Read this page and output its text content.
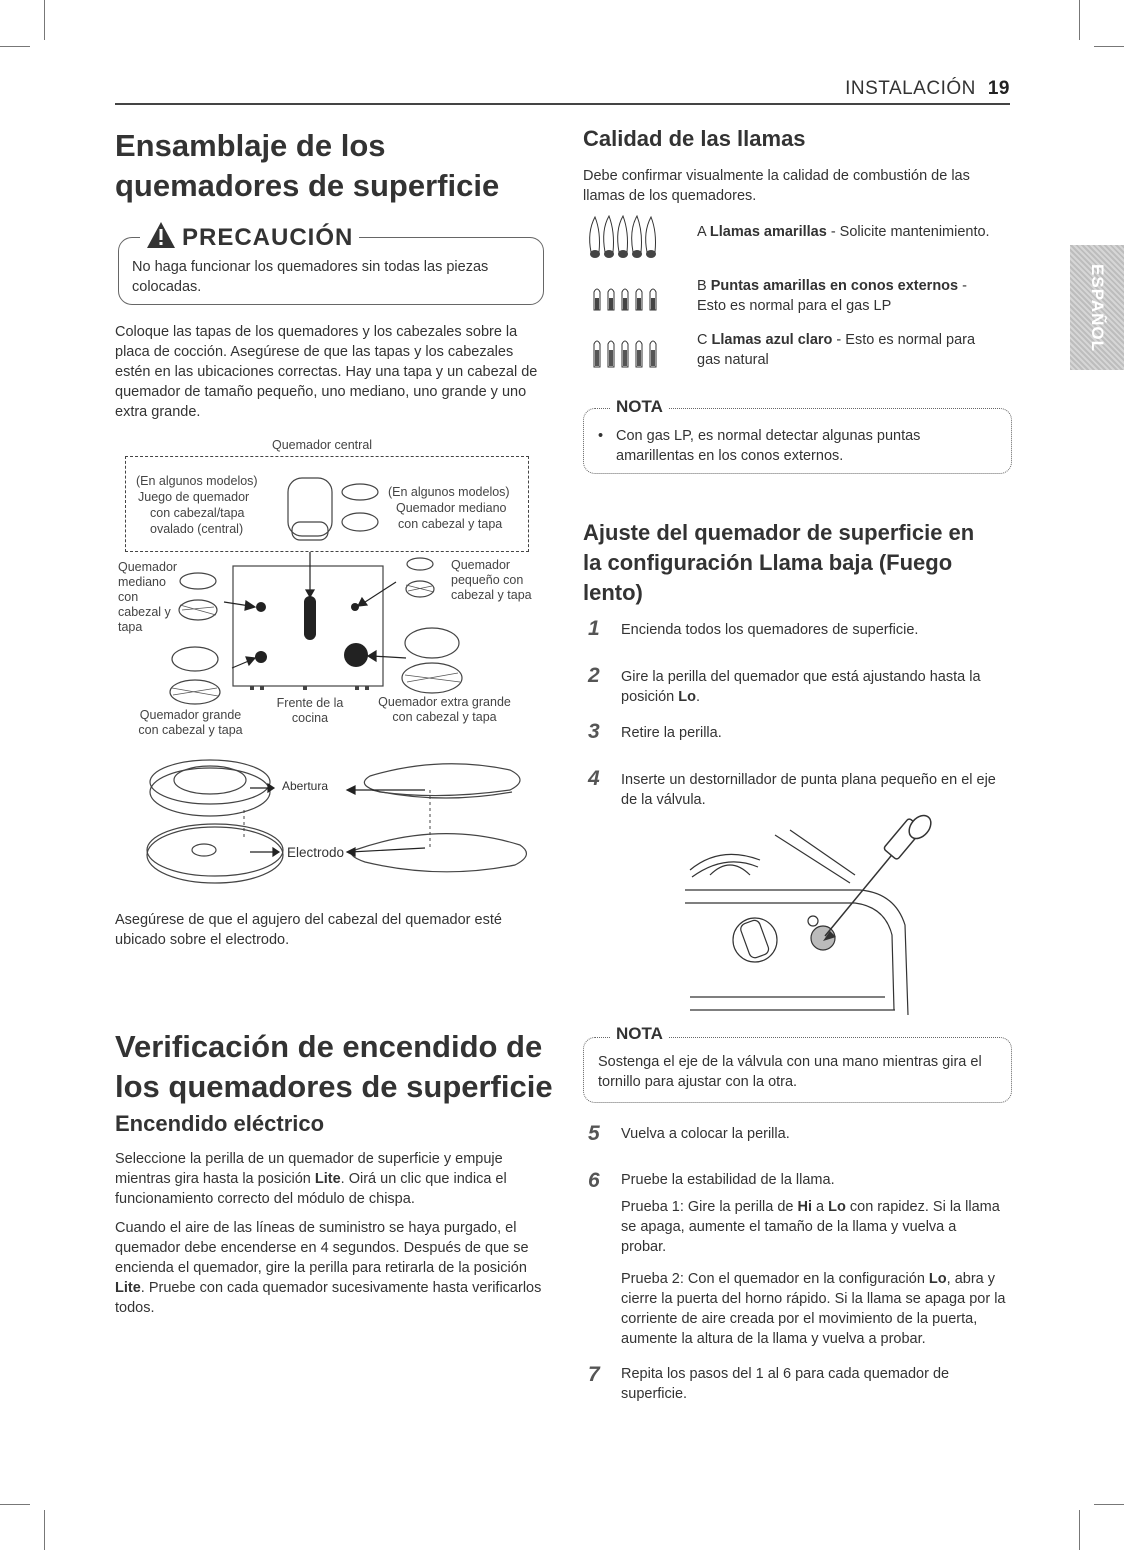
INSTALACIÓN 19
ESPAÑOL
Ensamblaje de los
quemadores de superficie
PRECAUCIÓN
No haga funcionar los quemadores sin todas las piezas colocadas.
Coloque las tapas de los quemadores y los cabezales sobre la placa de cocción. Asegúrese de que las tapas y los cabezales estén en las ubicaciones correctas. Hay una tapa y un cabezal de quemador de tamaño pequeño, uno mediano, uno grande y uno extra grande.
Quemador central
(En algunos modelos)
Juego de quemador
con cabezal/tapa
ovalado (central)
(En algunos modelos)
Quemador mediano
con cabezal y tapa
Quemador
mediano
con
cabezal y
tapa
Quemador
pequeño con
cabezal y tapa
Frente de la
cocina
Quemador extra grande
con cabezal y tapa
Quemador grande
con cabezal y tapa
Abertura
Electrodo
Asegúrese de que el agujero del cabezal del quemador esté ubicado sobre el electrodo.
Verificación de encendido de
los quemadores de superficie
Encendido eléctrico
Seleccione la perilla de un quemador de superficie y empuje mientras gira hasta la posición Lite. Oirá un clic que indica el funcionamiento correcto del módulo de chispa.
Cuando el aire de las líneas de suministro se haya purgado, el quemador debe encenderse en 4 segundos. Después de que se encienda el quemador, gire la perilla para retirarla de la posición Lite. Pruebe con cada quemador sucesivamente hasta verificarlos todos.
Calidad de las llamas
Debe confirmar visualmente la calidad de combustión de las llamas de los quemadores.
A Llamas amarillas - Solicite mantenimiento.
B Puntas amarillas en conos externos -
Esto es normal para el gas LP
C Llamas azul claro - Esto es normal para
gas natural
NOTA
• Con gas LP, es normal detectar algunas puntas amarillentas en los conos externos.
Ajuste del quemador de superficie en
la configuración Llama baja (Fuego
lento)
1 Encienda todos los quemadores de superficie.
2 Gire la perilla del quemador que está ajustando hasta la posición Lo.
3 Retire la perilla.
4 Inserte un destornillador de punta plana pequeño en el eje de la válvula.
NOTA
Sostenga el eje de la válvula con una mano mientras gira el tornillo para ajustar con la otra.
5 Vuelva a colocar la perilla.
6 Pruebe la estabilidad de la llama.
Prueba 1: Gire la perilla de Hi a Lo con rapidez. Si la llama se apaga, aumente el tamaño de la llama y vuelva a probar.
Prueba 2: Con el quemador en la configuración Lo, abra y cierre la puerta del horno rápido. Si la llama se apaga por la corriente de aire creada por el movimiento de la puerta, aumente la altura de la llama y vuelva a probar.
7 Repita los pasos del 1 al 6 para cada quemador de superficie.
